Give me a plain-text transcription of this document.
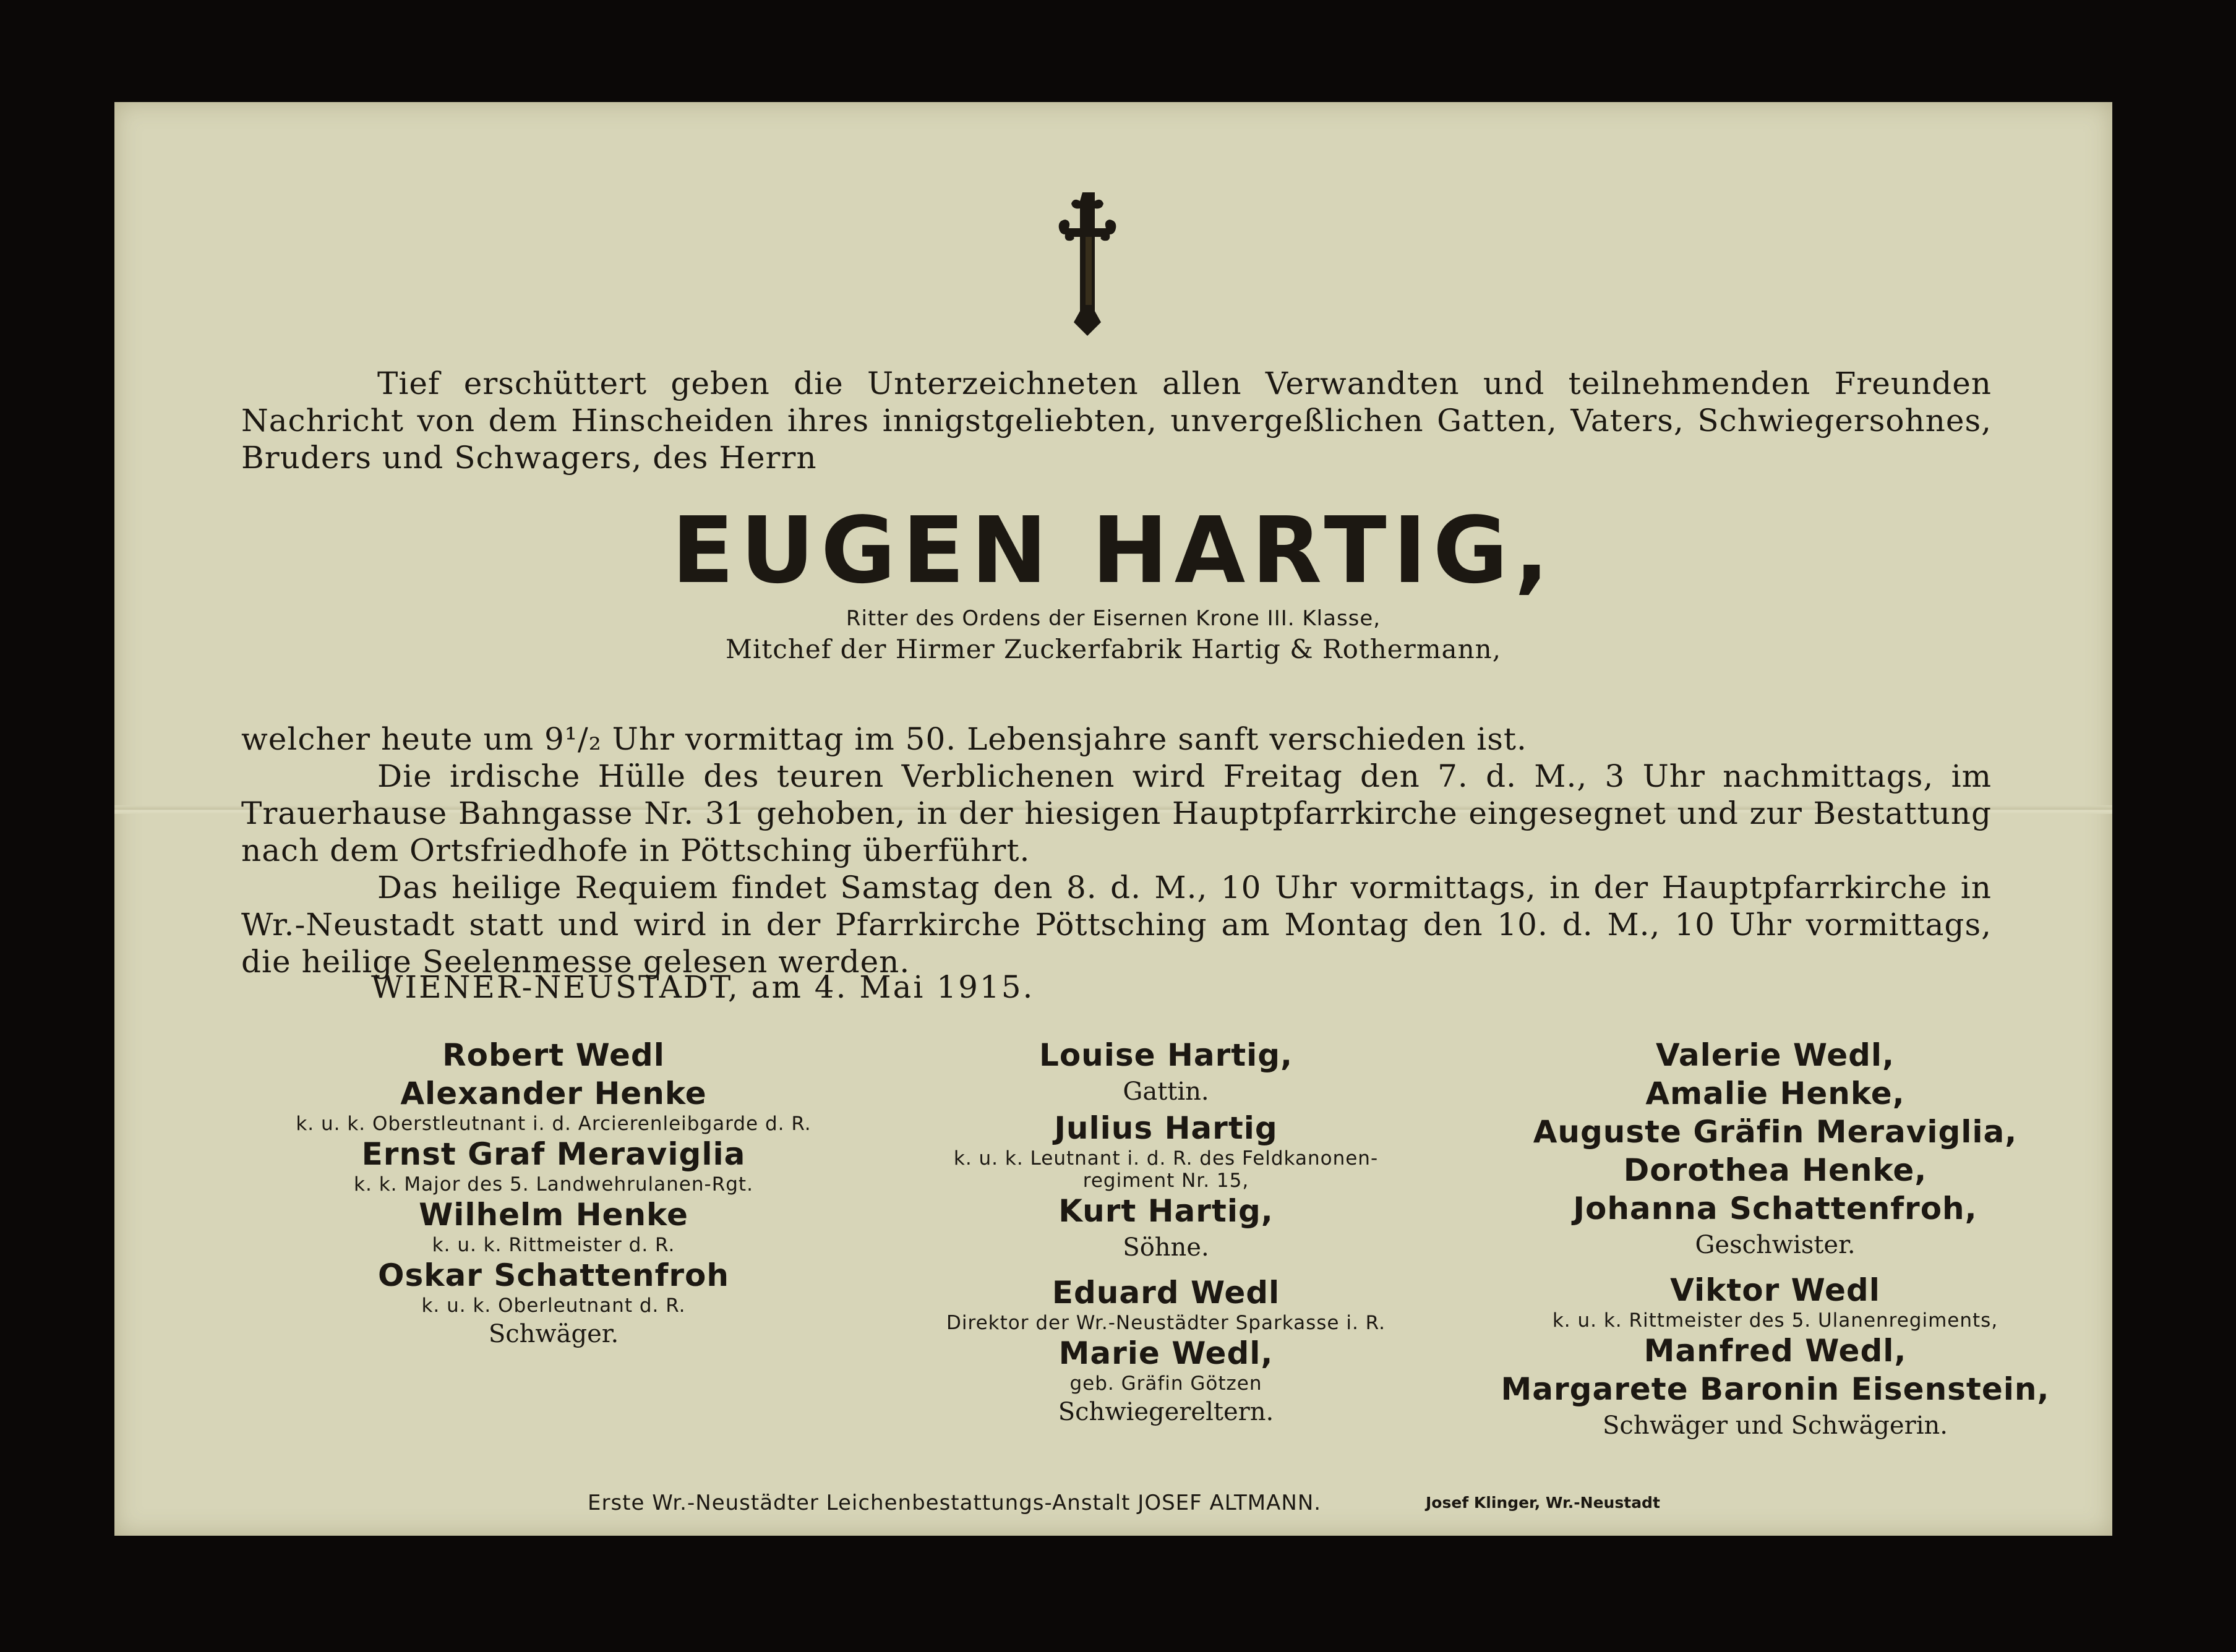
Tief erschüttert geben die Unterzeichneten allen Verwandten und teilnehmenden Freunden Nachricht von dem Hinscheiden ihres innigstgeliebten, unvergeßlichen Gatten, Vaters, Schwiegersohnes, Bruders und Schwagers, des Herrn

EUGEN HARTIG,
Ritter des Ordens der Eisernen Krone III. Klasse,
Mitchef der Hirmer Zuckerfabrik Hartig & Rothermann,

welcher heute um 9¹/₂ Uhr vormittag im 50. Lebensjahre sanft verschieden ist.

Die irdische Hülle des teuren Verblichenen wird Freitag den 7. d. M., 3 Uhr nachmittags, im Trauerhause Bahngasse Nr. 31 gehoben, in der hiesigen Hauptpfarrkirche eingesegnet und zur Bestattung nach dem Ortsfriedhofe in Pöttsching überführt.

Das heilige Requiem findet Samstag den 8. d. M., 10 Uhr vormittags, in der Hauptpfarrkirche in Wr.-Neustadt statt und wird in der Pfarrkirche Pöttsching am Montag den 10. d. M., 10 Uhr vormittags, die heilige Seelenmesse gelesen werden.

WIENER-NEUSTADT, am 4. Mai 1915.
Robert Wedl
Alexander Henke
k. u. k. Oberstleutnant i. d. Arcierenleibgarde d. R.
Ernst Graf Meraviglia
k. k. Major des 5. Landwehrulanen-Rgt.
Wilhelm Henke
k. u. k. Rittmeister d. R.
Oskar Schattenfroh
k. u. k. Oberleutnant d. R.
Schwäger.
Louise Hartig,
Gattin.
Julius Hartig
k. u. k. Leutnant i. d. R. des Feldkanonen-
regiment Nr. 15,
Kurt Hartig,
Söhne.
Eduard Wedl
Direktor der Wr.-Neustädter Sparkasse i. R.
Marie Wedl,
geb. Gräfin Götzen
Schwiegereltern.
Valerie Wedl,
Amalie Henke,
Auguste Gräfin Meraviglia,
Dorothea Henke,
Johanna Schattenfroh,
Geschwister.
Viktor Wedl
k. u. k. Rittmeister des 5. Ulanenregiments,
Manfred Wedl,
Margarete Baronin Eisenstein,
Schwäger und Schwägerin.
Erste Wr.-Neustädter Leichenbestattungs-Anstalt JOSEF ALTMANN.	Josef Klinger, Wr.-Neustadt
